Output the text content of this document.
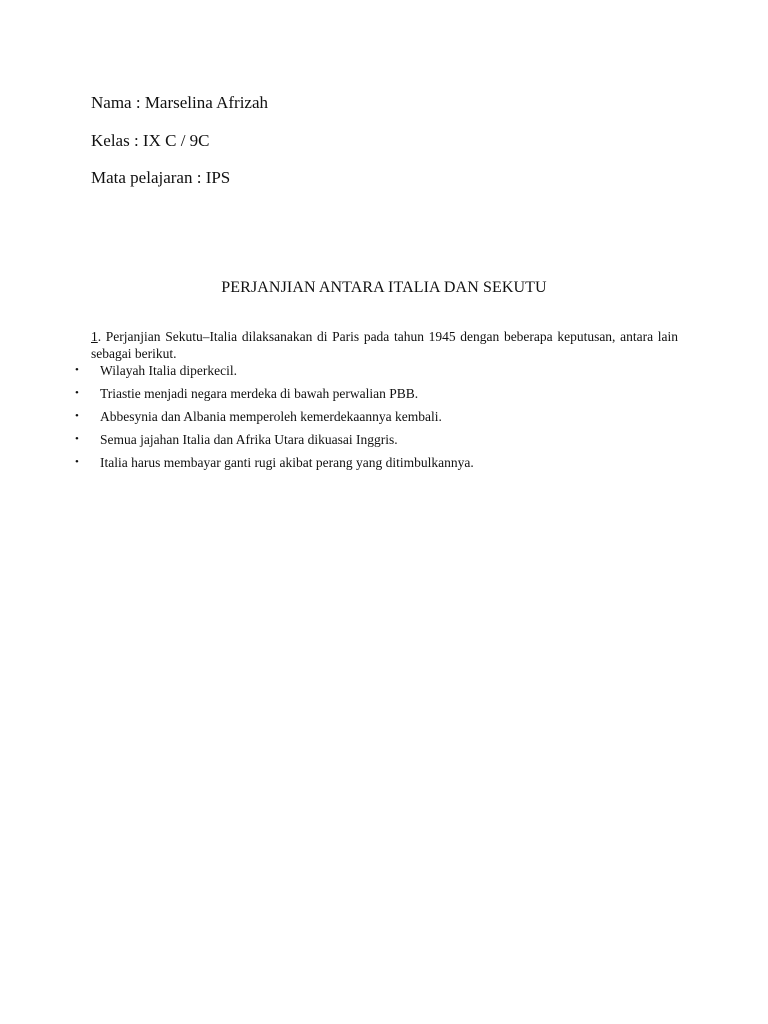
Nama : Marselina Afrizah
Kelas : IX C / 9C
Mata pelajaran : IPS
PERJANJIAN ANTARA ITALIA DAN SEKUTU

1. Perjanjian Sekutu–Italia dilaksanakan di Paris pada tahun 1945 dengan beberapa keputusan, antara lain sebagai berikut.

• Wilayah Italia diperkecil.
• Triastie menjadi negara merdeka di bawah perwalian PBB.
• Abbesynia dan Albania memperoleh kemerdekaannya kembali.
• Semua jajahan Italia dan Afrika Utara dikuasai Inggris.
• Italia harus membayar ganti rugi akibat perang yang ditimbulkannya.
